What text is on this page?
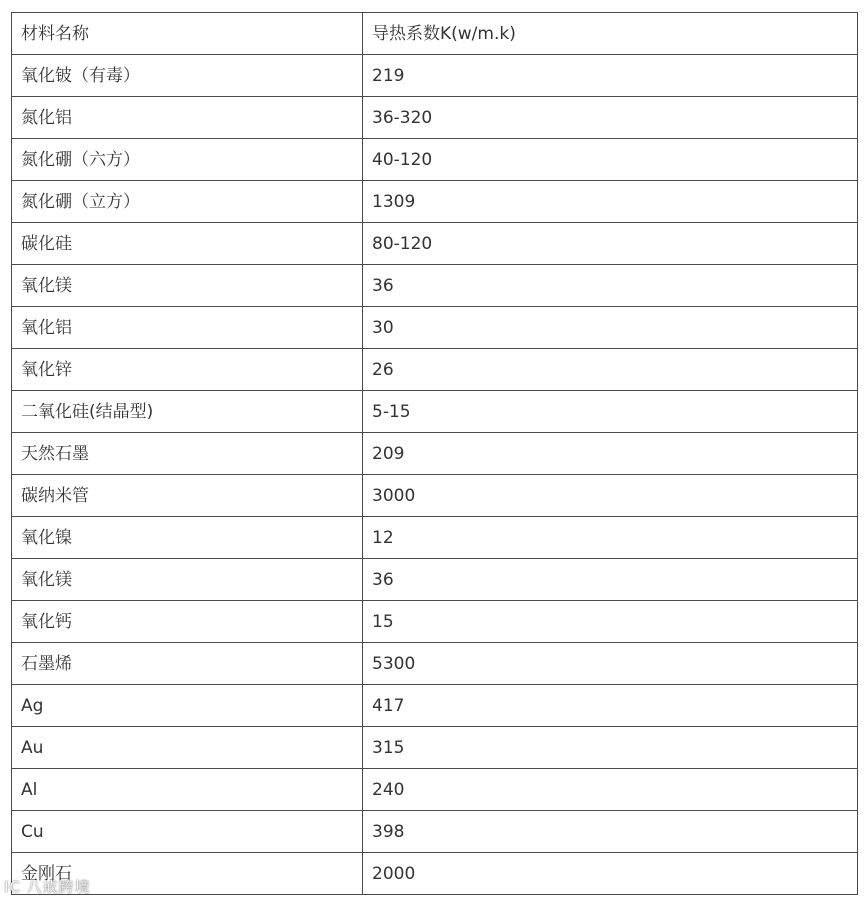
材料名称	导热系数K(w/m.k)
氧化铍（有毒）	219
氮化铝	36-320
氮化硼（六方）	40-120
氮化硼（立方）	1309
碳化硅	80-120
氧化镁	36
氧化铝	30
氧化锌	26
二氧化硅(结晶型)	5-15
天然石墨	209
碳纳米管	3000
氧化镍	12
氧化镁	36
氧化钙	15
石墨烯	5300
Ag	417
Au	315
Al	240
Cu	398
金刚石	2000
IC 八戒跨境
